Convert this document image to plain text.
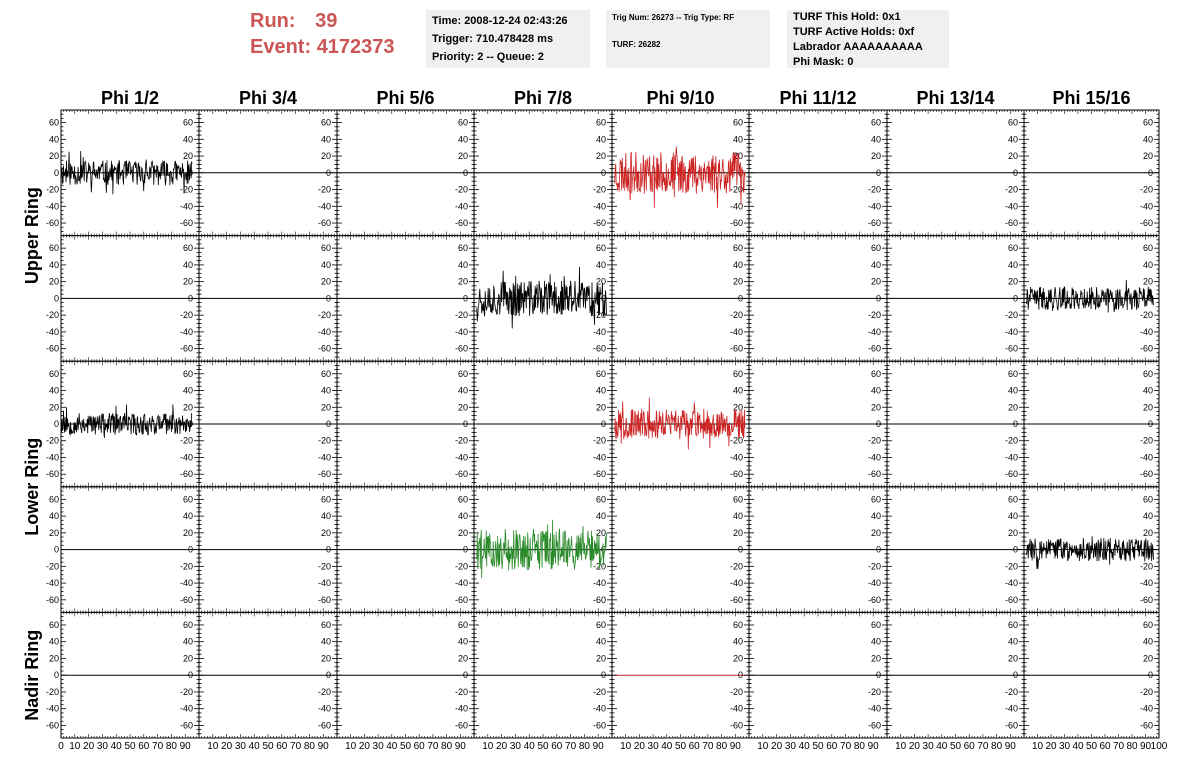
Run: 39
Event: 4172373
Time: 2008-12-24 02:43:26
Trigger: 710.478428 ms
Priority: 2 -- Queue: 2
Trig Num: 26273 -- Trig Type: RF
TURF: 26282
TURF This Hold: 0x1
TURF Active Holds: 0xf
Labrador AAAAAAAAAA
Phi Mask: 0
Phi 1/2	Phi 3/4	Phi 5/6	Phi 7/8	Phi 9/10	Phi 11/12	Phi 13/14	Phi 15/16
Upper Ring
Lower Ring
Nadir Ring
60	60
40	40
20	20
0	0
-20	-20
-40	-40
-60	-60
60
40
20
0
-20
-40
-60
60
40
20
0
-20
-40
-60
60
40
20
0
-20
-40
-60
60
40
20
0
-20
-40
-60
60
40
20
0
-20
-40
-60
60
40
20
0
-20
-40
-60
60
40
20
0
-20
-40
-60
60	60
40	40
20	20
0	0
-20	-20
-40	-40
-60	-60
60
40
20
0
-20
-40
-60
60
40
20
0
-20
-40
-60
60
40
20
0
-20
-40
-60
60
40
20
0
-20
-40
-60
60
40
20
0
-20
-40
-60
60
40
20
0
-20
-40
-60
60
40
20
0
-20
-40
-60
60	60
40	40
20	20
0	0
-20	-20
-40	-40
-60	-60
60
40
20
0
-20
-40
-60
60
40
20
0
-20
-40
-60
60
40
20
0
-20
-40
-60
60
40
20
0
-20
-40
-60
60
40
20
0
-20
-40
-60
60
40
20
0
-20
-40
-60
60
40
20
0
-20
-40
-60
60	60
40	40
20	20
0	0
-20	-20
-40	-40
-60	-60
60
40
20
0
-20
-40
-60
60
40
20
0
-20
-40
-60
60
40
20
0
-20
-40
-60
60
40
20
0
-20
-40
-60
60
40
20
0
-20
-40
-60
60
40
20
0
-20
-40
-60
60
40
20
0
-20
-40
-60
60	60
40	40
20	20
0	0
-20	-20
-40	-40
-60	-60
60
40
20
0
-20
-40
-60
60
40
20
0
-20
-40
-60
60
40
20
0
-20
-40
-60
60
40
20
0
-20
-40
-60
60
40
20
0
-20
-40
-60
60
40
20
0
-20
-40
-60
60
40
20
0
-20
-40
-60
0 10 20 30 40 50 60 70 80 90 10 20 30 40 50 60 70 80 90 10 20 30 40 50 60 70 80 90 10 20 30 40 50 60 70 80 90 10 20 30 40 50 60 70 80 90 10 20 30 40 50 60 70 80 90 10 20 30 40 50 60 70 80 90 10 20 30 40 50 60 70 80 90 100
